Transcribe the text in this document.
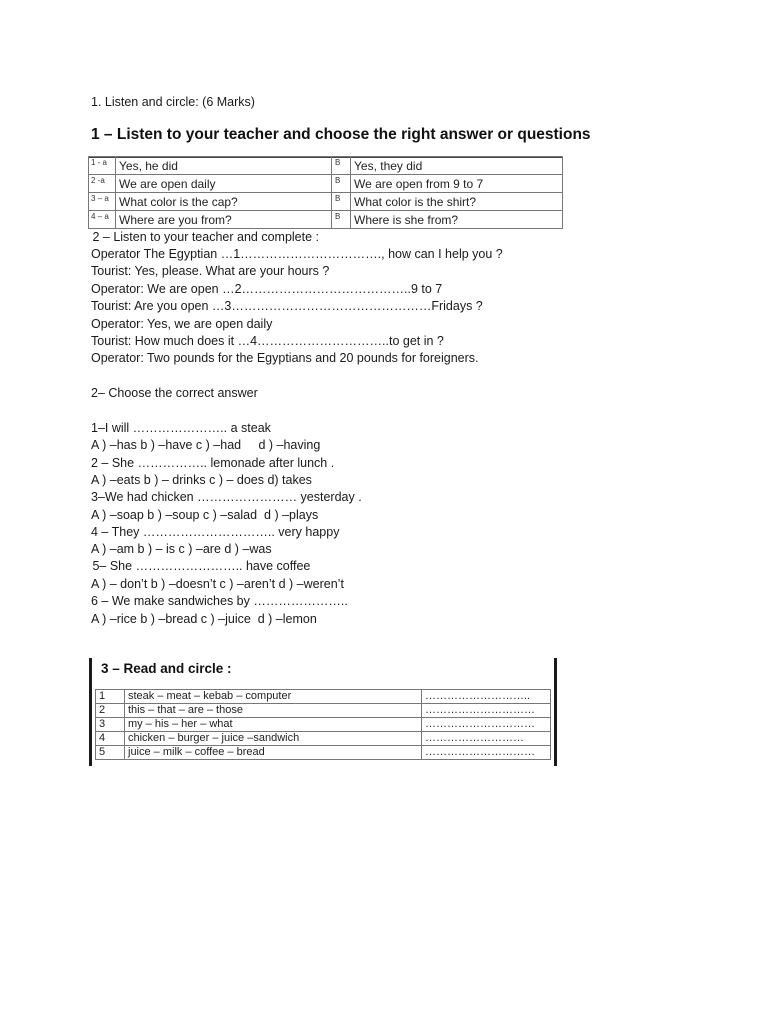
1. Listen and circle: (6 Marks)
1 – Listen to your teacher and choose the right answer or questions
1 - a	Yes, he did	B	Yes, they did
2 -a	We are open daily	B	We are open from 9 to 7
3 – a	What color is the cap?	B	What color is the shirt?
4 – a	Where are you from?	B	Where is she from?
2 – Listen to your teacher and complete :
Operator The Egyptian …1……………………………., how can I help you ?
Tourist: Yes, please. What are your hours ?
Operator: We are open …2…………………………………..9 to 7
Tourist: Are you open …3…………………………………………Fridays ?
Operator: Yes, we are open daily
Tourist: How much does it …4…………………………..to get in ?
Operator: Two pounds for the Egyptians and 20 pounds for foreigners.
2– Choose the correct answer
1–I will ………………….. a steak
A ) –has b ) –have c ) –had     d ) –having
2 – She …………….. lemonade after lunch .
A ) –eats b ) – drinks c ) – does d) takes
3–We had chicken …………………… yesterday .
A ) –soap b ) –soup c ) –salad  d ) –plays
4 – They ………………………….. very happy
A ) –am b ) – is c ) –are d ) –was
5– She …………………….. have coffee
A ) – don’t b ) –doesn’t c ) –aren’t d ) –weren’t
6 – We make sandwiches by …………………..
A ) –rice b ) –bread c ) –juice  d ) –lemon
3 – Read and circle :
1	steak – meat – kebab – computer	………………………..
2	this – that – are – those	…………………………
3	my – his – her – what	…………………………
4	chicken – burger – juice –sandwich	………………………
5	juice – milk – coffee – bread	…………………………
